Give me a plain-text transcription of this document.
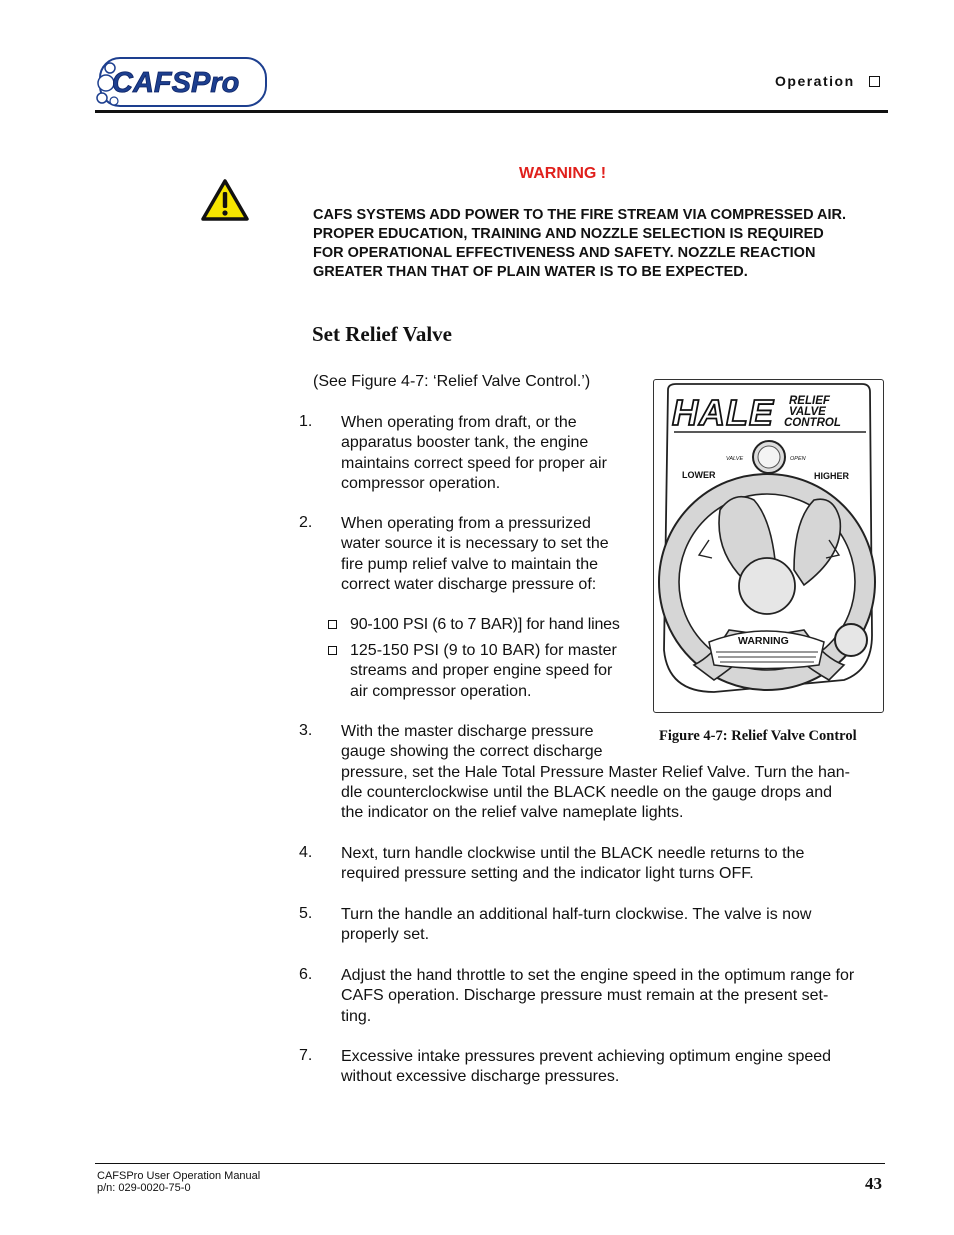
CAFSPro	Operation
WARNING !
CAFS SYSTEMS ADD POWER TO THE FIRE STREAM VIA COMPRESSED AIR.
PROPER EDUCATION, TRAINING AND NOZZLE SELECTION IS REQUIRED
FOR OPERATIONAL EFFECTIVENESS AND SAFETY. NOZZLE REACTION
GREATER THAN THAT OF PLAIN WATER IS TO BE EXPECTED.
Set Relief Valve
(See Figure 4-7: ‘Relief Valve Control.’)
1. When operating from draft, or the
apparatus booster tank, the engine
maintains correct speed for proper air
compressor operation.
2. When operating from a pressurized
water source it is necessary to set the
fire pump relief valve to maintain the
correct water discharge pressure of:
90-100 PSI (6 to 7 BAR)] for hand lines
125-150 PSI (9 to 10 BAR) for master
streams and proper engine speed for
air compressor operation.
3. With the master discharge pressure
gauge showing the correct discharge
pressure, set the Hale Total Pressure Master Relief Valve. Turn the han-
dle counterclockwise until the BLACK needle on the gauge drops and
the indicator on the relief valve nameplate lights.
4. Next, turn handle clockwise until the BLACK needle returns to the
required pressure setting and the indicator light turns OFF.
5. Turn the handle an additional half-turn clockwise. The valve is now
properly set.
6. Adjust the hand throttle to set the engine speed in the optimum range for
CAFS operation. Discharge pressure must remain at the present set-
ting.
7. Excessive intake pressures prevent achieving optimum engine speed
without excessive discharge pressures.
HALE RELIEF
VALVE
CONTROL
VALVE	OPEN
LOWER	HIGHER
WARNING
Figure 4-7: Relief Valve Control
CAFSPro User Operation Manual
p/n: 029-0020-75-0	43
